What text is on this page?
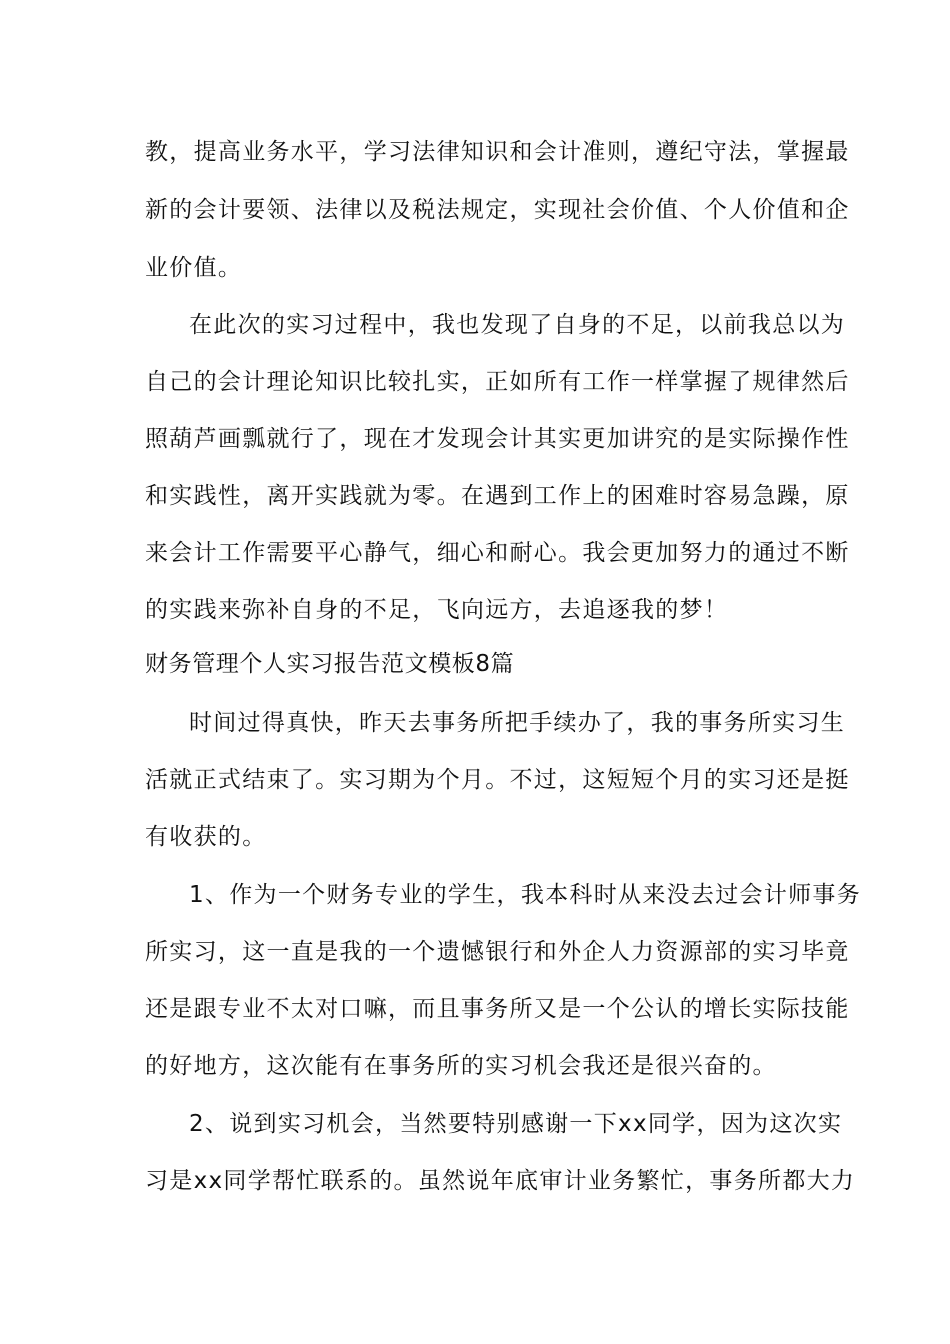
教，提高业务水平，学习法律知识和会计准则，遵纪守法，掌握最
新的会计要领、法律以及税法规定，实现社会价值、个人价值和企
业价值。
在此次的实习过程中，我也发现了自身的不足，以前我总以为
自己的会计理论知识比较扎实，正如所有工作一样掌握了规律然后
照葫芦画瓢就行了，现在才发现会计其实更加讲究的是实际操作性
和实践性，离开实践就为零。在遇到工作上的困难时容易急躁，原
来会计工作需要平心静气，细心和耐心。我会更加努力的通过不断
的实践来弥补自身的不足，飞向远方，去追逐我的梦！
财务管理个人实习报告范文模板8篇
时间过得真快，昨天去事务所把手续办了，我的事务所实习生
活就正式结束了。实习期为个月。不过，这短短个月的实习还是挺
有收获的。
1、作为一个财务专业的学生，我本科时从来没去过会计师事务
所实习，这一直是我的一个遗憾银行和外企人力资源部的实习毕竟
还是跟专业不太对口嘛，而且事务所又是一个公认的增长实际技能
的好地方，这次能有在事务所的实习机会我还是很兴奋的。
2、说到实习机会，当然要特别感谢一下xx同学，因为这次实
习是xx同学帮忙联系的。虽然说年底审计业务繁忙，事务所都大力
